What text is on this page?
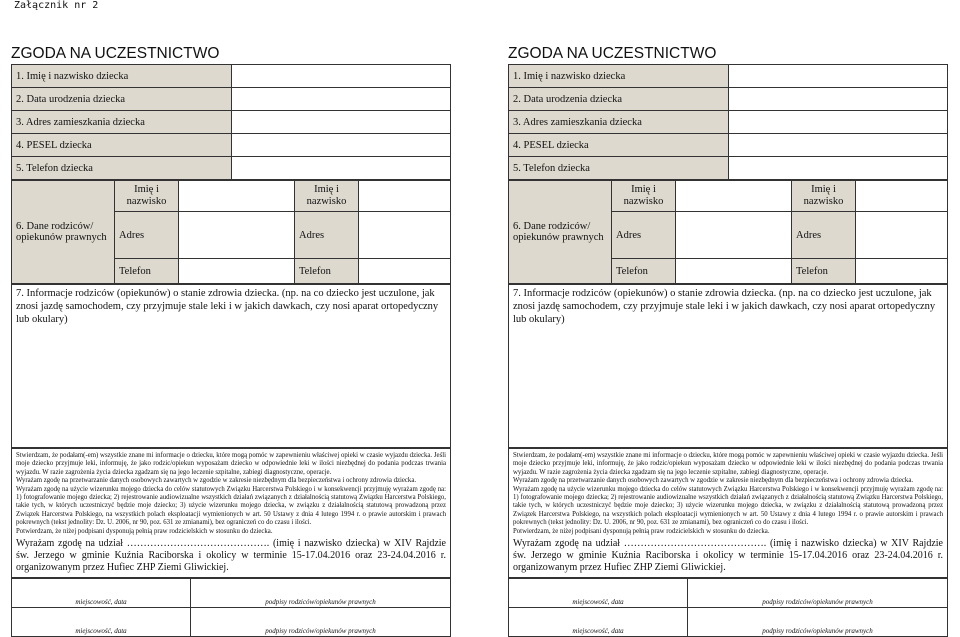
Załącznik nr 2
ZGODA NA UCZESTNICTWO
1. Imię i nazwisko dziecka	
2. Data urodzenia dziecka	
3. Adres zamieszkania dziecka	
4. PESEL dziecka	
5. Telefon dziecka	
6. Dane rodziców/
opiekunów prawnych	Imię i
nazwisko		Imię i
nazwisko	
	Adres		Adres	
	Telefon		Telefon	
7. Informacje rodziców (opiekunów) o stanie zdrowia dziecka. (np. na co dziecko jest uczulone, jak znosi jazdę samochodem, czy przyjmuje stale leki i w jakich dawkach, czy nosi aparat ortopedyczny lub okulary)
Stwierdzam, że podałam(-em) wszystkie znane mi informacje o dziecku, które mogą pomóc w zapewnieniu właściwej opieki w czasie wyjazdu dziecka. Jeśli moje dziecko przyjmuje leki, informuję, że jako rodzic/opiekun wyposażam dziecko w odpowiednie leki w ilości niezbędnej do podania podczas trwania wyjazdu. W razie zagrożenia życia dziecka zgadzam się na jego leczenie szpitalne, zabiegi diagnostyczne, operacje.
Wyrażam zgodę na przetwarzanie danych osobowych zawartych w zgodzie w zakresie niezbędnym dla bezpieczeństwa i ochrony zdrowia dziecka.
Wyrażam zgodę na użycie wizerunku mojego dziecka do celów statutowych Związku Harcerstwa Polskiego i w konsekwencji przyjmuję wyrażam zgodę na: 1) fotografowanie mojego dziecka; 2) rejestrowanie audiowizualne wszystkich działań związanych z działalnością statutową Związku Harcerstwa Polskiego, takie tych, w których uczestniczyć będzie moje dziecko; 3) użycie wizerunku mojego dziecka, w związku z działalnością statutową prowadzoną przez Związek Harcerstwa Polskiego, na wszystkich polach eksploatacji wymienionych w art. 50 Ustawy z dnia 4 lutego 1994 r. o prawie autorskim i prawach pokrewnych (tekst jednolity: Dz. U. 2006, nr 90, poz. 631 ze zmianami), bez ograniczeń co do czasu i ilości.
Potwierdzam, że niżej podpisani dysponują pełnią praw rodzicielskich w stosunku do dziecka.
Wyrażam zgodę na udział ……………………………………. (imię i nazwisko dziecka) w XIV Rajdzie św. Jerzego w gminie Kuźnia Raciborska i okolicy w terminie 15-17.04.2016 oraz 23-24.04.2016 r. organizowanym przez Hufiec ZHP Ziemi Gliwickiej.
miejscowość, data	podpisy rodziców/opiekunów prawnych
miejscowość, data	podpisy rodziców/opiekunów prawnych
ZGODA NA UCZESTNICTWO
1. Imię i nazwisko dziecka	
2. Data urodzenia dziecka	
3. Adres zamieszkania dziecka	
4. PESEL dziecka	
5. Telefon dziecka	
6. Dane rodziców/
opiekunów prawnych	Imię i
nazwisko		Imię i
nazwisko	
	Adres		Adres	
	Telefon		Telefon	
7. Informacje rodziców (opiekunów) o stanie zdrowia dziecka. (np. na co dziecko jest uczulone, jak znosi jazdę samochodem, czy przyjmuje stale leki i w jakich dawkach, czy nosi aparat ortopedyczny lub okulary)
Stwierdzam, że podałam(-em) wszystkie znane mi informacje o dziecku, które mogą pomóc w zapewnieniu właściwej opieki w czasie wyjazdu dziecka. Jeśli moje dziecko przyjmuje leki, informuję, że jako rodzic/opiekun wyposażam dziecko w odpowiednie leki w ilości niezbędnej do podania podczas trwania wyjazdu. W razie zagrożenia życia dziecka zgadzam się na jego leczenie szpitalne, zabiegi diagnostyczne, operacje.
Wyrażam zgodę na przetwarzanie danych osobowych zawartych w zgodzie w zakresie niezbędnym dla bezpieczeństwa i ochrony zdrowia dziecka.
Wyrażam zgodę na użycie wizerunku mojego dziecka do celów statutowych Związku Harcerstwa Polskiego i w konsekwencji przyjmuję wyrażam zgodę na: 1) fotografowanie mojego dziecka; 2) rejestrowanie audiowizualne wszystkich działań związanych z działalnością statutową Związku Harcerstwa Polskiego, takie tych, w których uczestniczyć będzie moje dziecko; 3) użycie wizerunku mojego dziecka, w związku z działalnością statutową prowadzoną przez Związek Harcerstwa Polskiego, na wszystkich polach eksploatacji wymienionych w art. 50 Ustawy z dnia 4 lutego 1994 r. o prawie autorskim i prawach pokrewnych (tekst jednolity: Dz. U. 2006, nr 90, poz. 631 ze zmianami), bez ograniczeń co do czasu i ilości.
Potwierdzam, że niżej podpisani dysponują pełnią praw rodzicielskich w stosunku do dziecka.
Wyrażam zgodę na udział ……………………………………. (imię i nazwisko dziecka) w XIV Rajdzie św. Jerzego w gminie Kuźnia Raciborska i okolicy w terminie 15-17.04.2016 oraz 23-24.04.2016 r. organizowanym przez Hufiec ZHP Ziemi Gliwickiej.
miejscowość, data	podpisy rodziców/opiekunów prawnych
miejscowość, data	podpisy rodziców/opiekunów prawnych
